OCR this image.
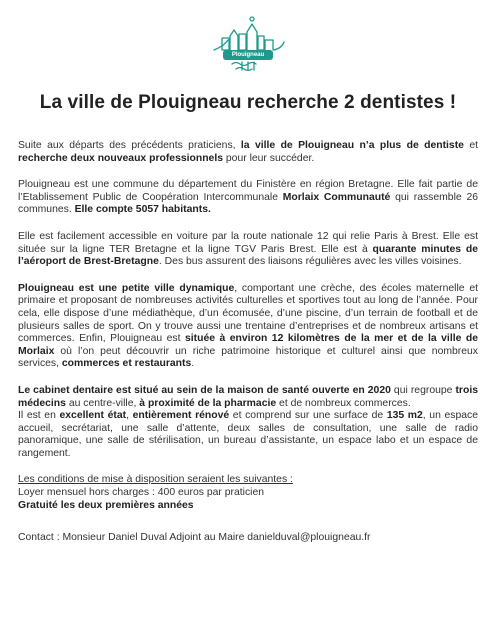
Plouigneau
La ville de Plouigneau recherche 2 dentistes !

Suite aux départs des précédents praticiens, la ville de Plouigneau n’a plus de dentiste et recherche deux nouveaux professionnels pour leur succéder.

Plouigneau est une commune du département du Finistère en région Bretagne. Elle fait partie de l’Etablissement Public de Coopération Intercommunale Morlaix Communauté qui rassemble 26 communes. Elle compte 5057 habitants.

Elle est facilement accessible en voiture par la route nationale 12 qui relie Paris à Brest. Elle est située sur la ligne TER Bretagne et la ligne TGV Paris Brest. Elle est à quarante minutes de l’aéroport de Brest-Bretagne. Des bus assurent des liaisons régulières avec les villes voisines.

Plouigneau est une petite ville dynamique, comportant une crèche, des écoles maternelle et primaire et proposant de nombreuses activités culturelles et sportives tout au long de l’année. Pour cela, elle dispose d’une médiathèque, d’un écomusée, d’une piscine, d’un terrain de football et de plusieurs salles de sport. On y trouve aussi une trentaine d’entreprises et de nombreux artisans et commerces. Enfin, Plouigneau est située à environ 12 kilomètres de la mer et de la ville de Morlaix où l’on peut découvrir un riche patrimoine historique et culturel ainsi que nombreux services, commerces et restaurants.

Le cabinet dentaire est situé au sein de la maison de santé ouverte en 2020 qui regroupe trois médecins au centre-ville, à proximité de la pharmacie et de nombreux commerces.

Il est en excellent état, entièrement rénové et comprend sur une surface de 135 m2, un espace accueil, secrétariat, une salle d’attente, deux salles de consultation, une salle de radio panoramique, une salle de stérilisation, un bureau d’assistante, un espace labo et un espace de rangement.

Les conditions de mise à disposition seraient les suivantes :

Loyer mensuel hors charges : 400 euros par praticien

Gratuité les deux premières années

Contact : Monsieur Daniel Duval Adjoint au Maire danielduval@plouigneau.fr
